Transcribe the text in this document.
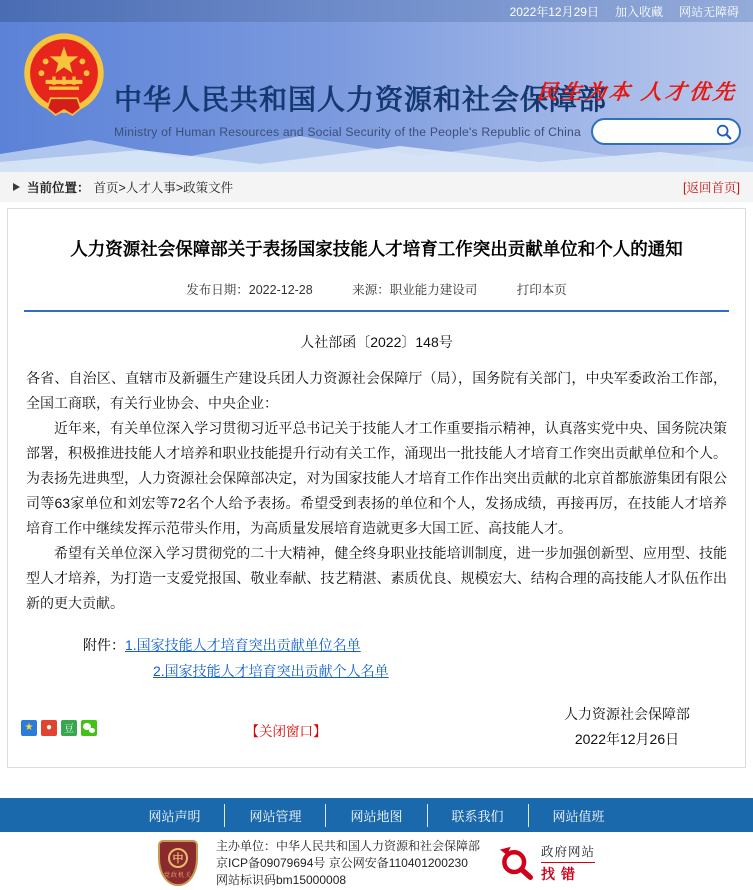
2022年12月29日 加入收藏 网站无障碍
中华人民共和国人力资源和社会保障部
Ministry of Human Resources and Social Security of the People's Republic of China
民生为本 人才优先
当前位置： 首页>人才人事>政策文件	[返回首页]
人力资源社会保障部关于表扬国家技能人才培育工作突出贡献单位和个人的通知
发布日期：2022-12-28	来源：职业能力建设司	打印本页
人社部函〔2022〕148号

各省、自治区、直辖市及新疆生产建设兵团人力资源社会保障厅（局），国务院有关部门，中央军委政治工作部，全国工商联，有关行业协会、中央企业：

近年来，有关单位深入学习贯彻习近平总书记关于技能人才工作重要指示精神，认真落实党中央、国务院决策部署，积极推进技能人才培养和职业技能提升行动有关工作，涌现出一批技能人才培育工作突出贡献单位和个人。为表扬先进典型，人力资源社会保障部决定，对为国家技能人才培育工作作出突出贡献的北京首都旅游集团有限公司等63家单位和刘宏等72名个人给予表扬。希望受到表扬的单位和个人，发扬成绩，再接再厉，在技能人才培养培育工作中继续发挥示范带头作用，为高质量发展培育造就更多大国工匠、高技能人才。

希望有关单位深入学习贯彻党的二十大精神，健全终身职业技能培训制度，进一步加强创新型、应用型、技能型人才培养，为打造一支爱党报国、敬业奉献、技艺精湛、素质优良、规模宏大、结构合理的高技能人才队伍作出新的更大贡献。

附件：1.国家技能人才培育突出贡献单位名单
2.国家技能人才培育突出贡献个人名单
人力资源社会保障部
2022年12月26日
★	●	豆	【关闭窗口】
网站声明	网站管理	网站地图	联系我们	网站值班
中
党政机关
主办单位：中华人民共和国人力资源和社会保障部
京ICP备09079694号 京公网安备110401200230
网站标识码bm15000008
政府网站
找错
